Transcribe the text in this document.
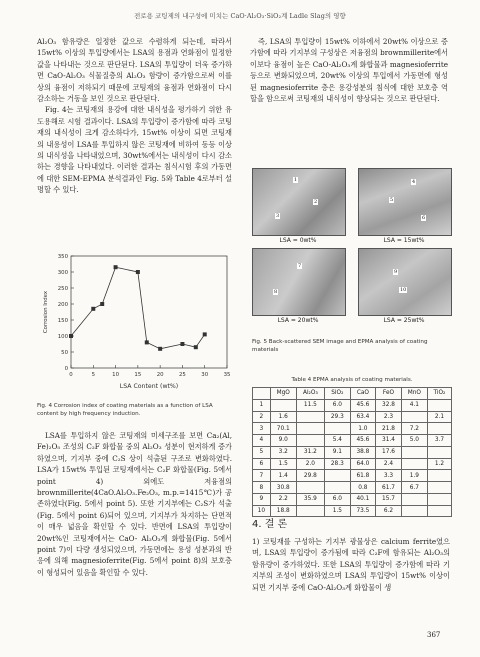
전로용 코팅제의 내구성에 미치는 CaO·Al₂O₃·SiO₂계 Ladle Slag의 영향

Al₂O₃ 함유량은 일정한 값으로 수렴하게 되는데, 따라서 15wt% 이상의 투입량에서는 LSA의 용점과 연화점이 일정한 값을 나타내는 것으로 판단된다. LSA의 투입량이 더욱 증가하면 CaO-Al₂O₃ 식물질층의 Al₂O₃ 함량이 증가함으로써 이를 상의 융점이 저하되기 때문에 코팅재의 융점과 연화점이 다시 감소하는 거동을 보인 것으로 판단된다.

Fig. 4는 코팅재의 용강에 대한 내식성을 평가하기 위한 유도용해로 시험 결과이다. LSA의 투입량이 증가함에 따라 코팅재의 내식성이 크게 감소하다가, 15wt% 이상이 되면 코팅재의 내용성이 LSA를 투입하지 않은 코팅재에 비하여 동등 이상의 내식성을 나타내었으며, 30wt%에서는 내식성이 다시 감소하는 경향을 나타내었다. 이러한 결과는 침식시험 후의 가동면에 대한 SEM-EPMA 분석결과인 Fig. 5와 Table 4로부터 설명할 수 있다.

0
50
100
150
200
250
300
350
0	5	10	15	20	25	30	35
Corrosion Index
LSA Content (wt%)
Fig. 4 Corrosion index of coating materials as a function of LSA content by high frequency induction.

LSA를 투입하지 않은 코팅재의 미세구조를 보면 Ca₂(Al, Fe)₂O₅ 조성의 C₂F 화합물 중의 Al₂O₃ 성분이 현저하게 증가하였으며, 기지부 중에 C₂S 상이 석출된 구조로 변화하였다. LSA가 15wt% 투입된 코팅재에서는 C₂F 화합물(Fig. 5에서 point 4) 외에도 저융점의 brownmillerite(4CaO.Al₂O₃.Fe₂O₃, m.p.=1415℃)가 공존하였다(Fig. 5에서 point 5). 또한 기지부에는 C₂S가 석출(Fig. 5에서 point 6)되어 있으며, 기지부가 차지하는 단면적이 매우 넓음을 확인할 수 있다. 반면에 LSA의 투입량이 20wt%인 코팅재에서는 CaO- Al₂O₃계 화합물(Fig. 5에서 point 7)이 다량 생성되었으며, 가동면에는 용성 성분과의 반응에 의해 magnesioferrite(Fig. 5에서 point 8)의 보호층이 형성되어 있음을 확인할 수 있다.

즉, LSA의 투입량이 15wt% 이하에서 20wt% 이상으로 증가함에 따라 기지부의 구성상은 저융점의 brownmillerite에서 이보다 융점이 높은 CaO-Al₂O₃계 화합물과 magnesioferrite 등으로 변화되었으며, 20wt% 이상의 투입에서 가동면에 형성된 magnesioferrite 층은 용강성분의 침식에 대한 보호층 역할을 함으로써 코팅재의 내식성이 향상되는 것으로 판단된다.

1
2
3
4
5
6
LSA = 0wt%	LSA = 15wt%
7
8
9
10
LSA = 20wt%	LSA = 25wt%
Fig. 5 Back-scattered SEM image and EPMA analysis of coating materials
Table 4 EPMA analysis of coating materials.
	MgO	Al₂O₃	SiO₂	CaO	FeO	MnO	TiO₂
1		11.5	6.0	45.6	32.8	4.1	
2	1.6		29.3	63.4	2.3		2.1
3	70.1			1.0	21.8	7.2	
4	9.0		5.4	45.6	31.4	5.0	3.7
5	3.2	31.2	9.1	38.8	17.6		
6	1.5	2.0	28.3	64.0	2.4		1.2
7	1.4	29.8		61.8	3.3	1.9	
8	30.8			0.8	61.7	6.7	
9	2.2	35.9	6.0	40.1	15.7		
10	18.8		1.5	73.5	6.2		
4. 결 론

1) 코팅재를 구성하는 기지부 광물상은 calcium ferrite였으며, LSA의 투입량이 증가됨에 따라 C₂F에 함유되는 Al₂O₃의 함유량이 증가하였다. 또한 LSA의 투입량이 증가함에 따라 기지부의 조성이 변화하였으며 LSA의 투입량이 15wt% 이상이 되면 기지부 중에 CaO-Al₂O₃계 화합물이 생

367
